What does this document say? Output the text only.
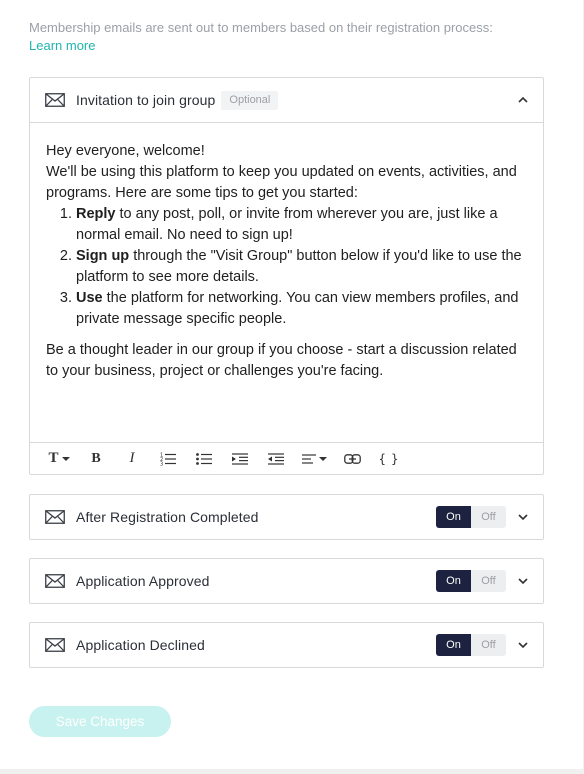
Membership emails are sent out to members based on their registration process:
Learn more
Invitation to join group	Optional

Hey everyone, welcome!

We'll be using this platform to keep you updated on events, activities, and programs. Here are some tips to get you started:

1. Reply to any post, poll, or invite from wherever you are, just like a normal email. No need to sign up!
2. Sign up through the "Visit Group" button below if you'd like to use the platform to see more details.
3. Use the platform for networking. You can view members profiles, and private message specific people.

Be a thought leader in our group if you choose - start a discussion related to your business, project or challenges you're facing.

T B I	1
2
3	{ }
After Registration Completed	On	Off
Application Approved	On	Off
Application Declined	On	Off
Save Changes
